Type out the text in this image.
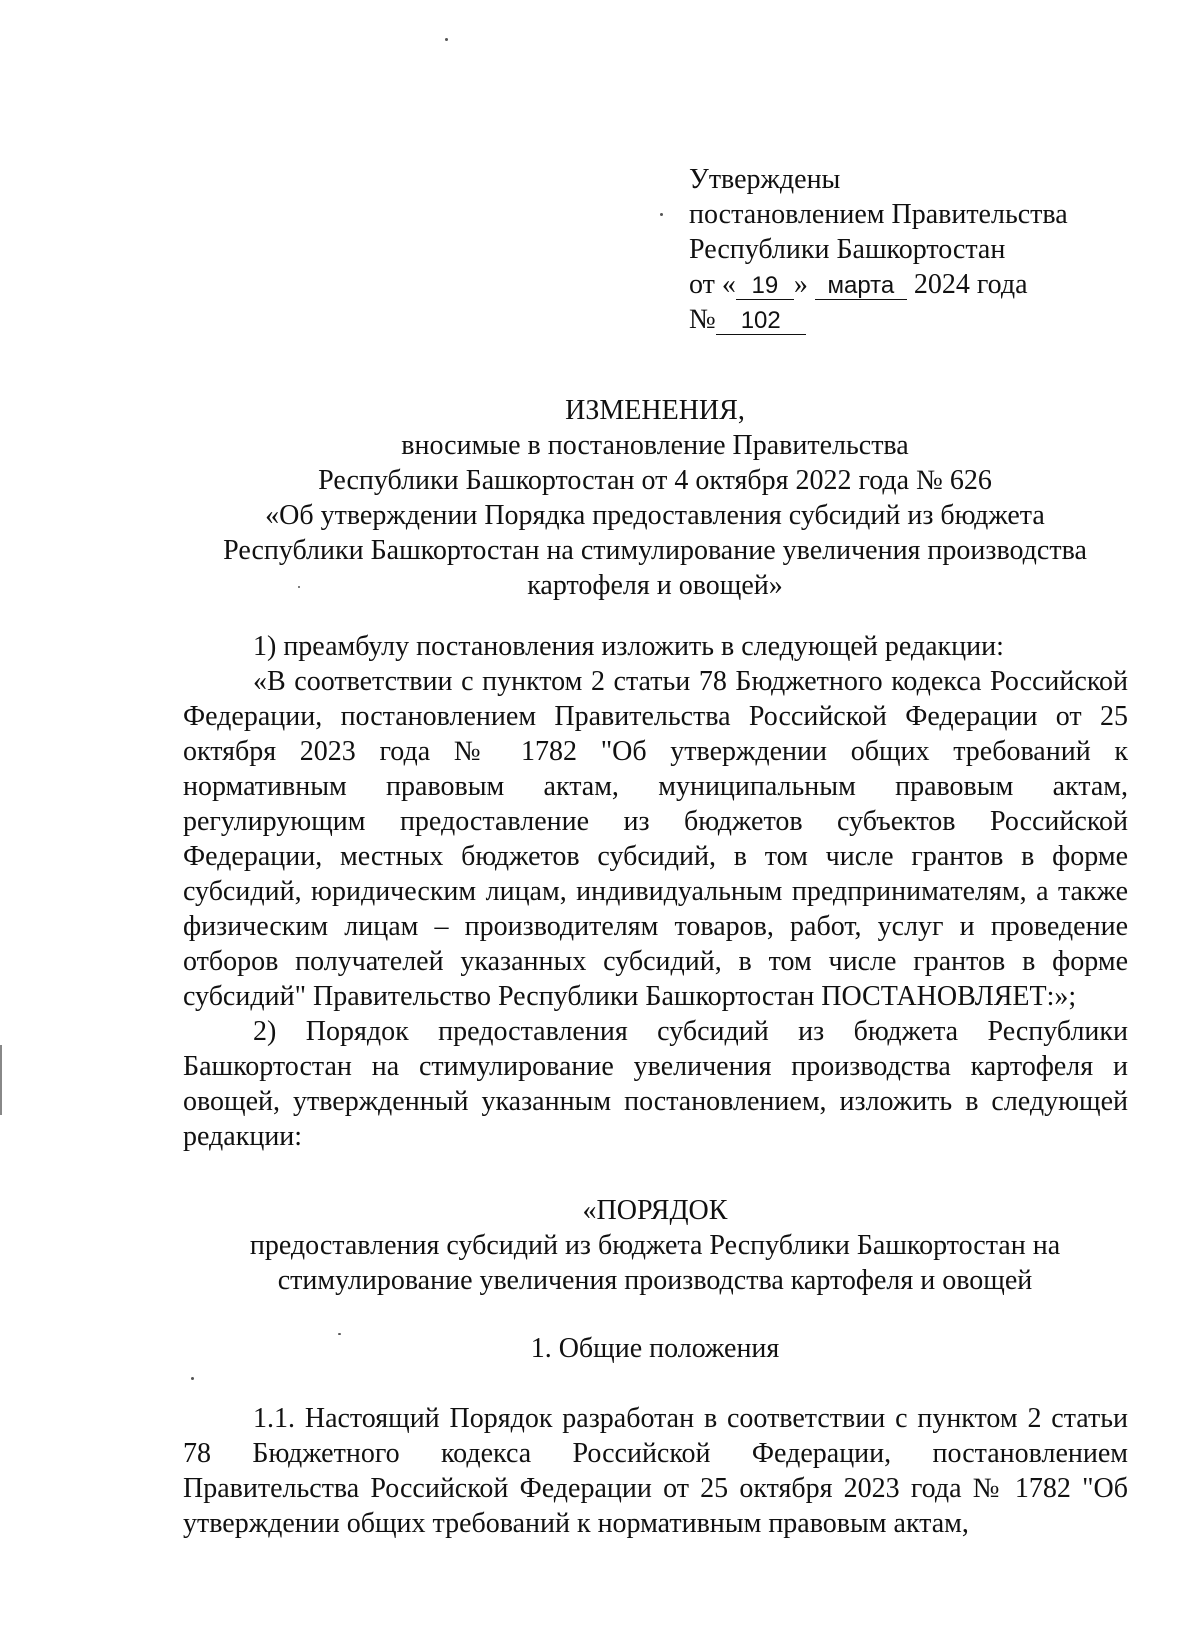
Утверждены
постановлением Правительства
Республики Башкортостан
от « 19 » марта 2024 года
№ 102
ИЗМЕНЕНИЯ,
вносимые в постановление Правительства
Республики Башкортостан от 4 октября 2022 года № 626
«Об утверждении Порядка предоставления субсидий из бюджета
Республики Башкортостан на стимулирование увеличения производства
картофеля и овощей»

1) преамбулу постановления изложить в следующей редакции:

«В соответствии с пунктом 2 статьи 78 Бюджетного кодекса Российской Федерации, постановлением Правительства Российской Федерации от 25 октября 2023 года № 1782 "Об утверждении общих требований к нормативным правовым актам, муниципальным правовым актам, регулирующим предоставление из бюджетов субъектов Российской Федерации, местных бюджетов субсидий, в том числе грантов в форме субсидий, юридическим лицам, индивидуальным предпринимателям, а также физическим лицам – производителям товаров, работ, услуг и проведение отборов получателей указанных субсидий, в том числе грантов в форме субсидий" Правительство Республики Башкортостан ПОСТАНОВЛЯЕТ:»;

2) Порядок предоставления субсидий из бюджета Республики Башкортостан на стимулирование увеличения производства картофеля и овощей, утвержденный указанным постановлением, изложить в следующей редакции:

«ПОРЯДОК
предоставления субсидий из бюджета Республики Башкортостан на
стимулирование увеличения производства картофеля и овощей
1. Общие положения

1.1. Настоящий Порядок разработан в соответствии с пунктом 2 статьи 78 Бюджетного кодекса Российской Федерации, постановлением Правительства Российской Федерации от 25 октября 2023 года № 1782 "Об утверждении общих требований к нормативным правовым актам,
